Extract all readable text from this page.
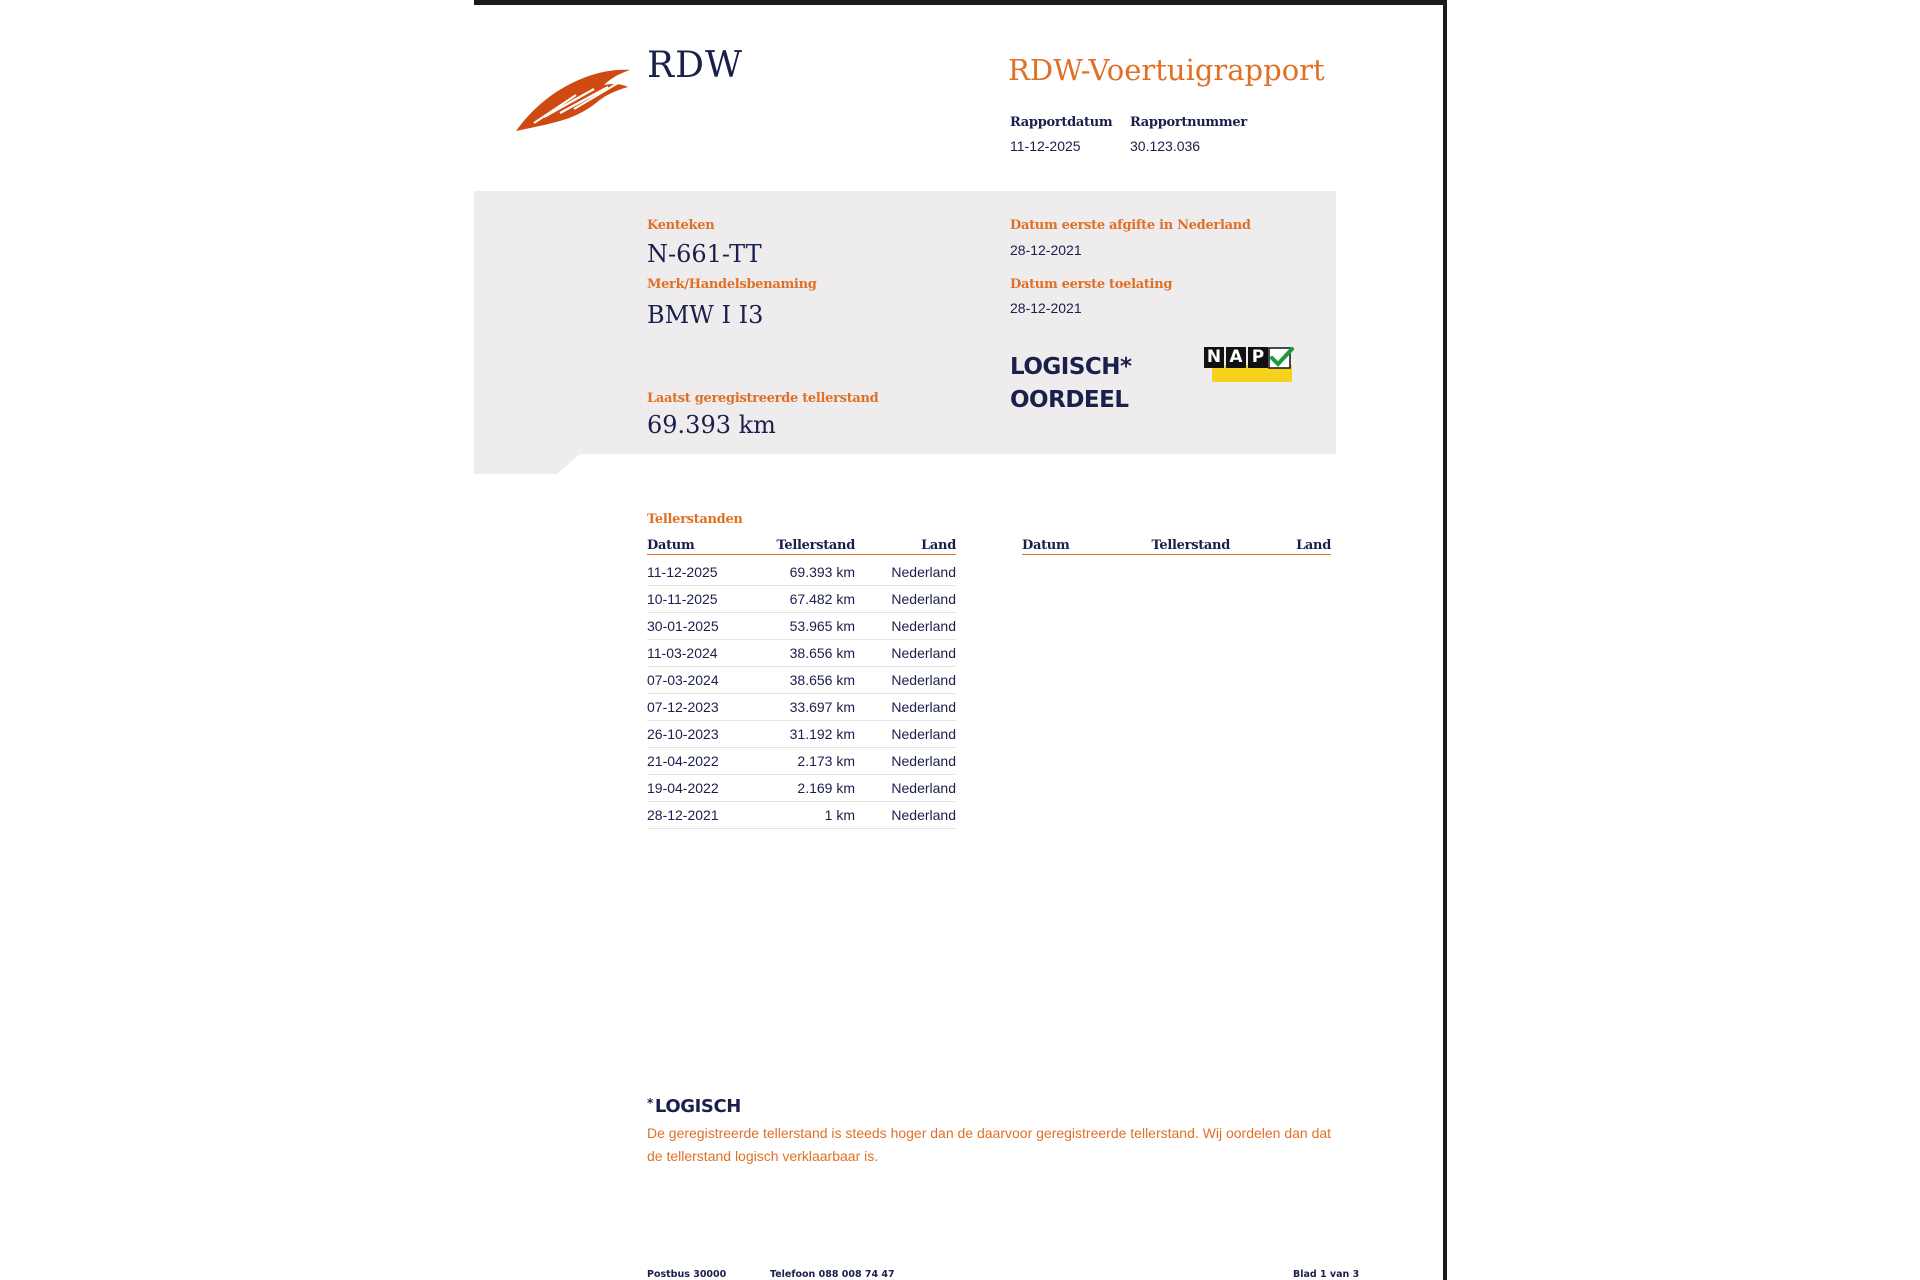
RDW	RDW-Voertuigrapport
Rapportdatum
11-12-2025
Rapportnummer
30.123.036
Kenteken
N-661-TT
Merk/Handelsbenaming
BMW I I3
Laatst geregistreerde tellerstand
69.393 km
Datum eerste afgifte in Nederland
28-12-2021
Datum eerste toelating
28-12-2021
LOGISCH*
OORDEEL
N A P
Tellerstanden
Datum	Tellerstand	Land
11-12-2025	69.393 km	Nederland
10-11-2025	67.482 km	Nederland
30-01-2025	53.965 km	Nederland
11-03-2024	38.656 km	Nederland
07-03-2024	38.656 km	Nederland
07-12-2023	33.697 km	Nederland
26-10-2023	31.192 km	Nederland
21-04-2022	2.173 km	Nederland
19-04-2022	2.169 km	Nederland
28-12-2021	1 km	Nederland
Datum	Tellerstand	Land
* LOGISCH
De geregistreerde tellerstand is steeds hoger dan de daarvoor geregistreerde tellerstand. Wij oordelen dan dat de tellerstand logisch verklaarbaar is.
Postbus 30000	Telefoon 088 008 74 47	Blad 1 van 3
